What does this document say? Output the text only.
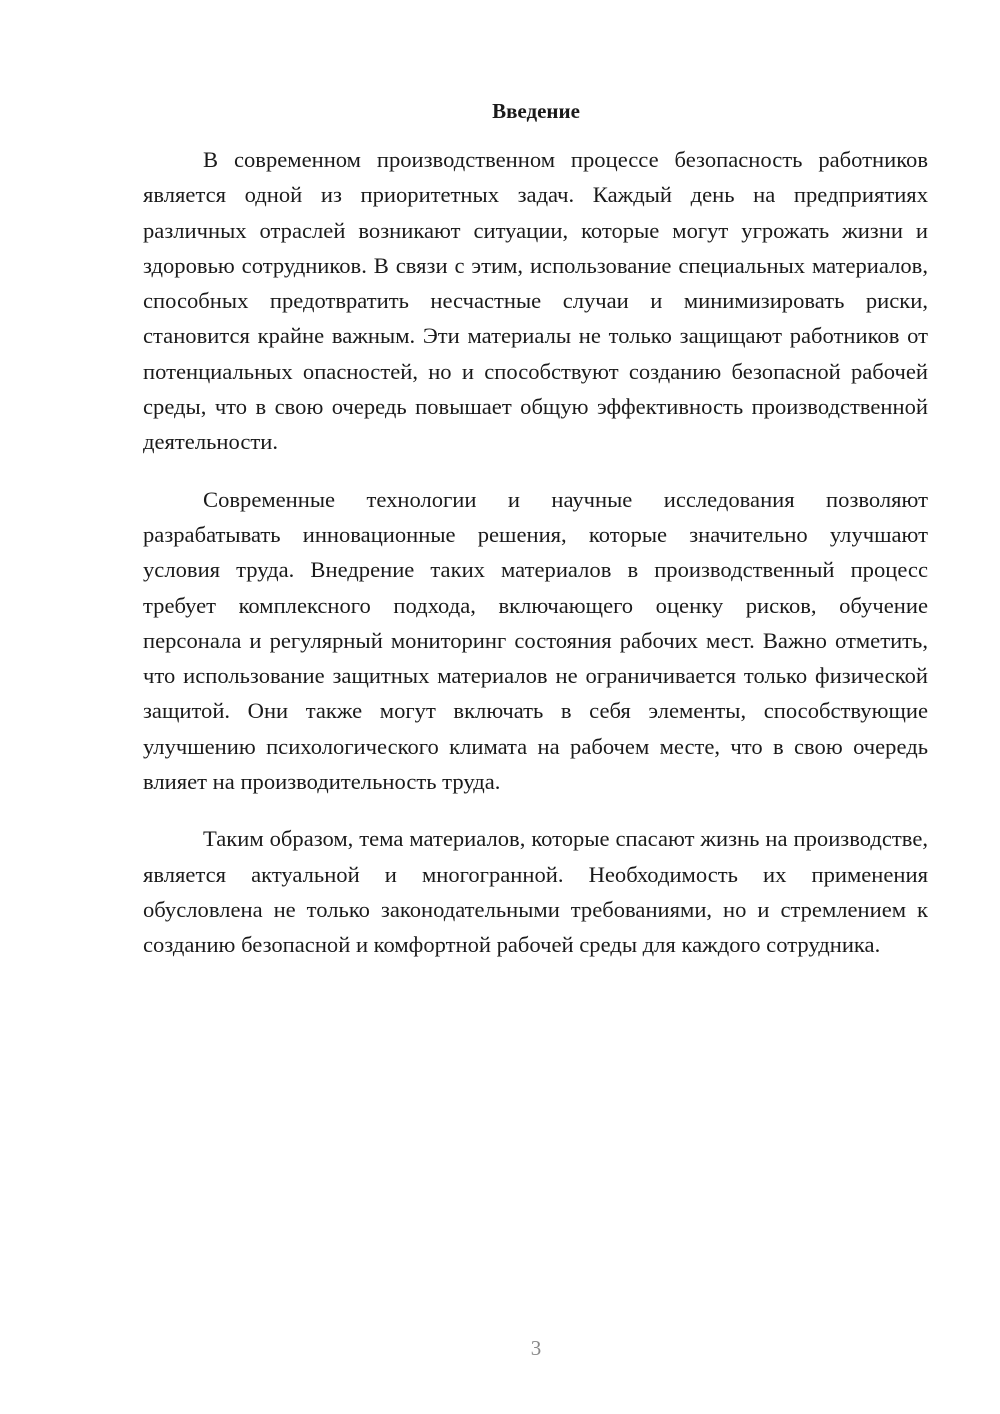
Введение

В современном производственном процессе безопасность работников является одной из приоритетных задач. Каждый день на предприятиях различных отраслей возникают ситуации, которые могут угрожать жизни и здоровью сотрудников. В связи с этим, использование специальных материалов, способных предотвратить несчастные случаи и минимизировать риски, становится крайне важным. Эти материалы не только защищают работников от потенциальных опасностей, но и способствуют созданию безопасной рабочей среды, что в свою очередь повышает общую эффективность производственной деятельности.

Современные технологии и научные исследования позволяют разрабатывать инновационные решения, которые значительно улучшают условия труда. Внедрение таких материалов в производственный процесс требует комплексного подхода, включающего оценку рисков, обучение персонала и регулярный мониторинг состояния рабочих мест. Важно отметить, что использование защитных материалов не ограничивается только физической защитой. Они также могут включать в себя элементы, способствующие улучшению психологического климата на рабочем месте, что в свою очередь влияет на производительность труда.

Таким образом, тема материалов, которые спасают жизнь на производстве, является актуальной и многогранной. Необходимость их применения обусловлена не только законодательными требованиями, но и стремлением к созданию безопасной и комфортной рабочей среды для каждого сотрудника.

3
